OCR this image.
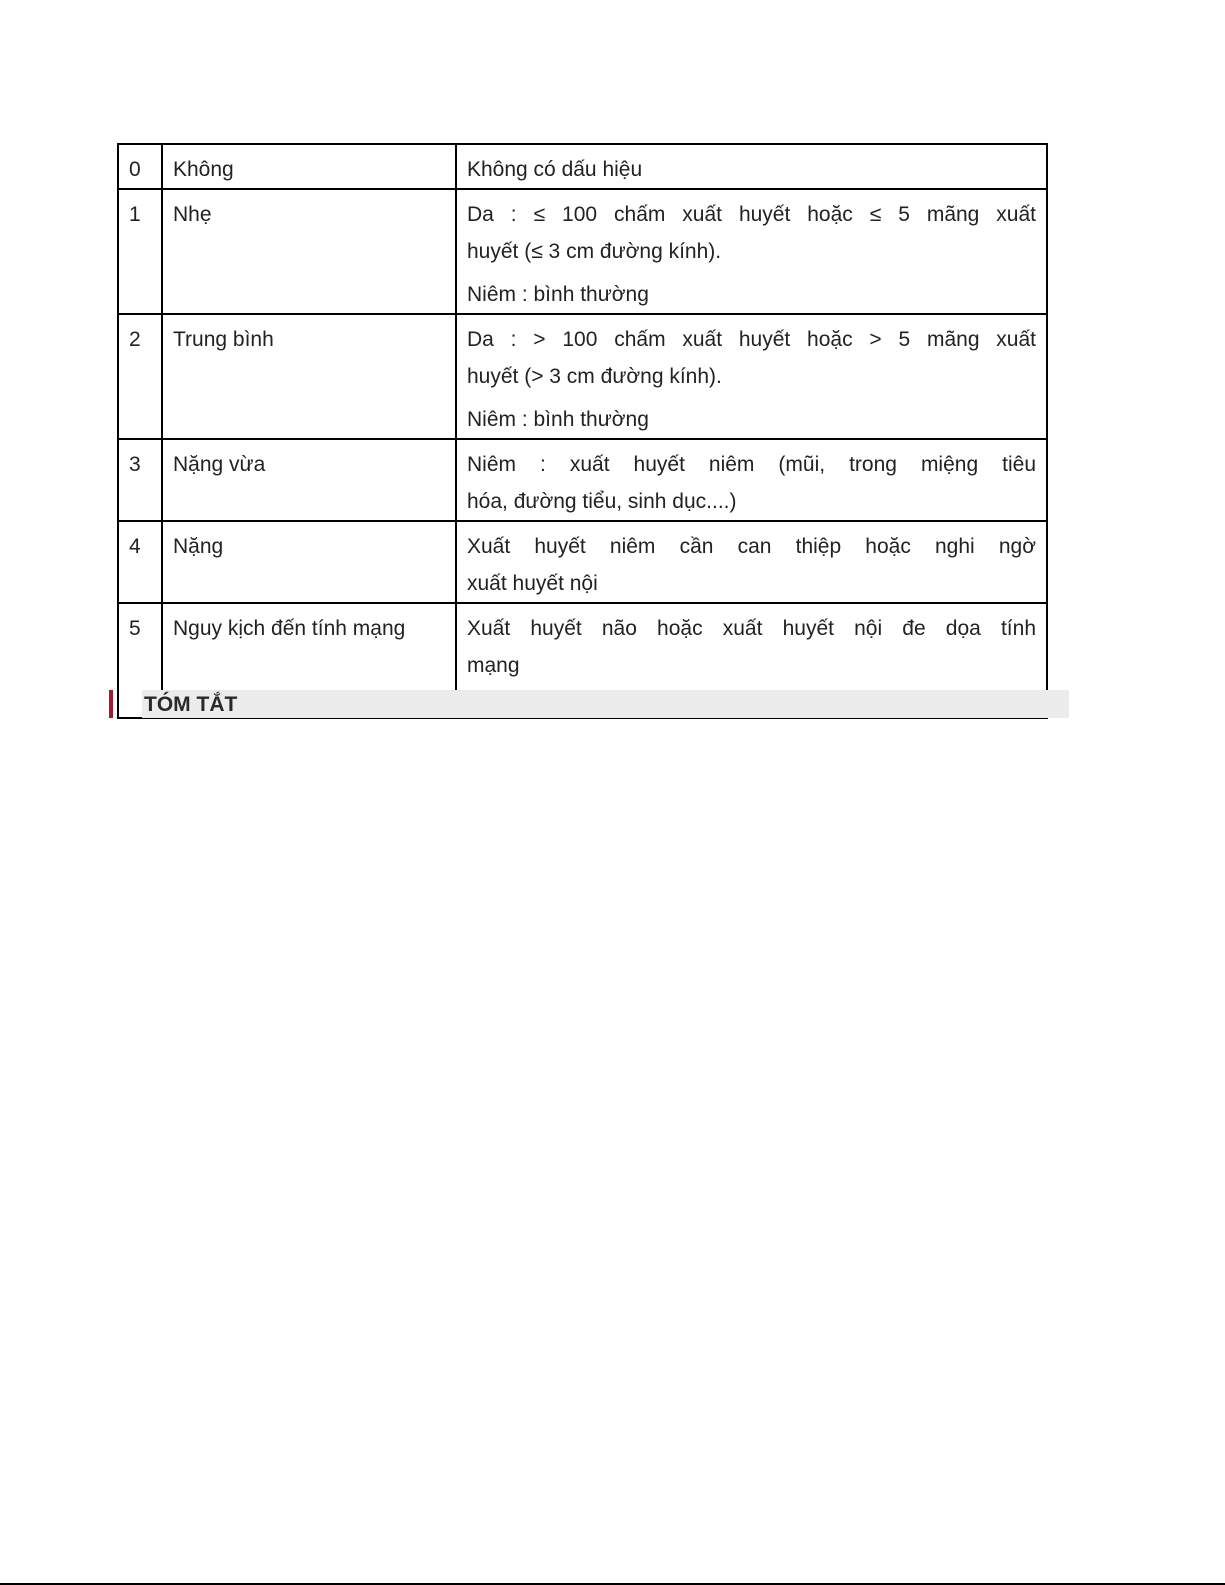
0	Không	Không có dấu hiệu

1	Nhẹ	Da : ≤ 100 chấm xuất huyết hoặc ≤ 5 mãng xuất
huyết (≤ 3 cm đường kính).
Niêm : bình thường

2	Trung bình	Da : > 100 chấm xuất huyết hoặc > 5 mãng xuất
huyết (> 3 cm đường kính).
Niêm : bình thường

3	Nặng vừa	Niêm : xuất huyết niêm (mũi, trong miệng tiêu
hóa, đường tiểu, sinh dục....)

4	Nặng	Xuất huyết niêm cần can thiệp hoặc nghi ngờ
xuất huyết nội

5	Nguy kịch đến tính mạng	Xuất huyết não hoặc xuất huyết nội đe dọa tính
mạng
TÓM TẮT
